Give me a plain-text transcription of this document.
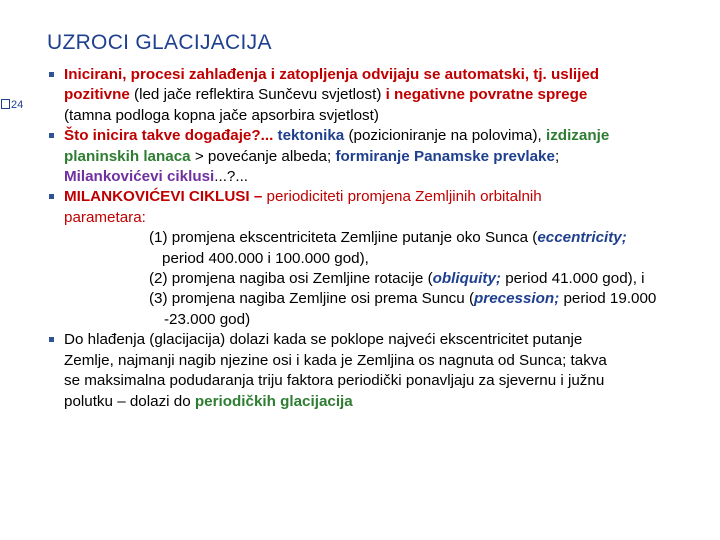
UZROCI GLACIJACIJA
24
Inicirani, procesi zahlađenja i zatopljenja odvijaju se automatski, tj. uslijed
pozitivne (led jače reflektira Sunčevu svjetlost) i negativne povratne sprege
(tamna podloga kopna jače apsorbira svjetlost)
Što inicira takve događaje?... tektonika (pozicioniranje na polovima), izdizanje
planinskih lanaca > povećanje albeda; formiranje Panamske prevlake;
Milankovićevi ciklusi...?...
MILANKOVIĆEVI CIKLUSI – periodiciteti promjena Zemljinih orbitalnih
parametara:
(1) promjena ekscentriciteta Zemljine putanje oko Sunca (eccentricity;
period 400.000 i 100.000 god),
(2) promjena nagiba osi Zemljine rotacije (obliquity; period 41.000 god), i
(3) promjena nagiba Zemljine osi prema Suncu (precession; period 19.000
-23.000 god)
Do hlađenja (glacijacija) dolazi kada se poklope najveći ekscentricitet putanje
Zemlje, najmanji nagib njezine osi i kada je Zemljina os nagnuta od Sunca; takva
se maksimalna podudaranja triju faktora periodički ponavljaju za sjevernu i južnu
polutku – dolazi do periodičkih glacijacija
